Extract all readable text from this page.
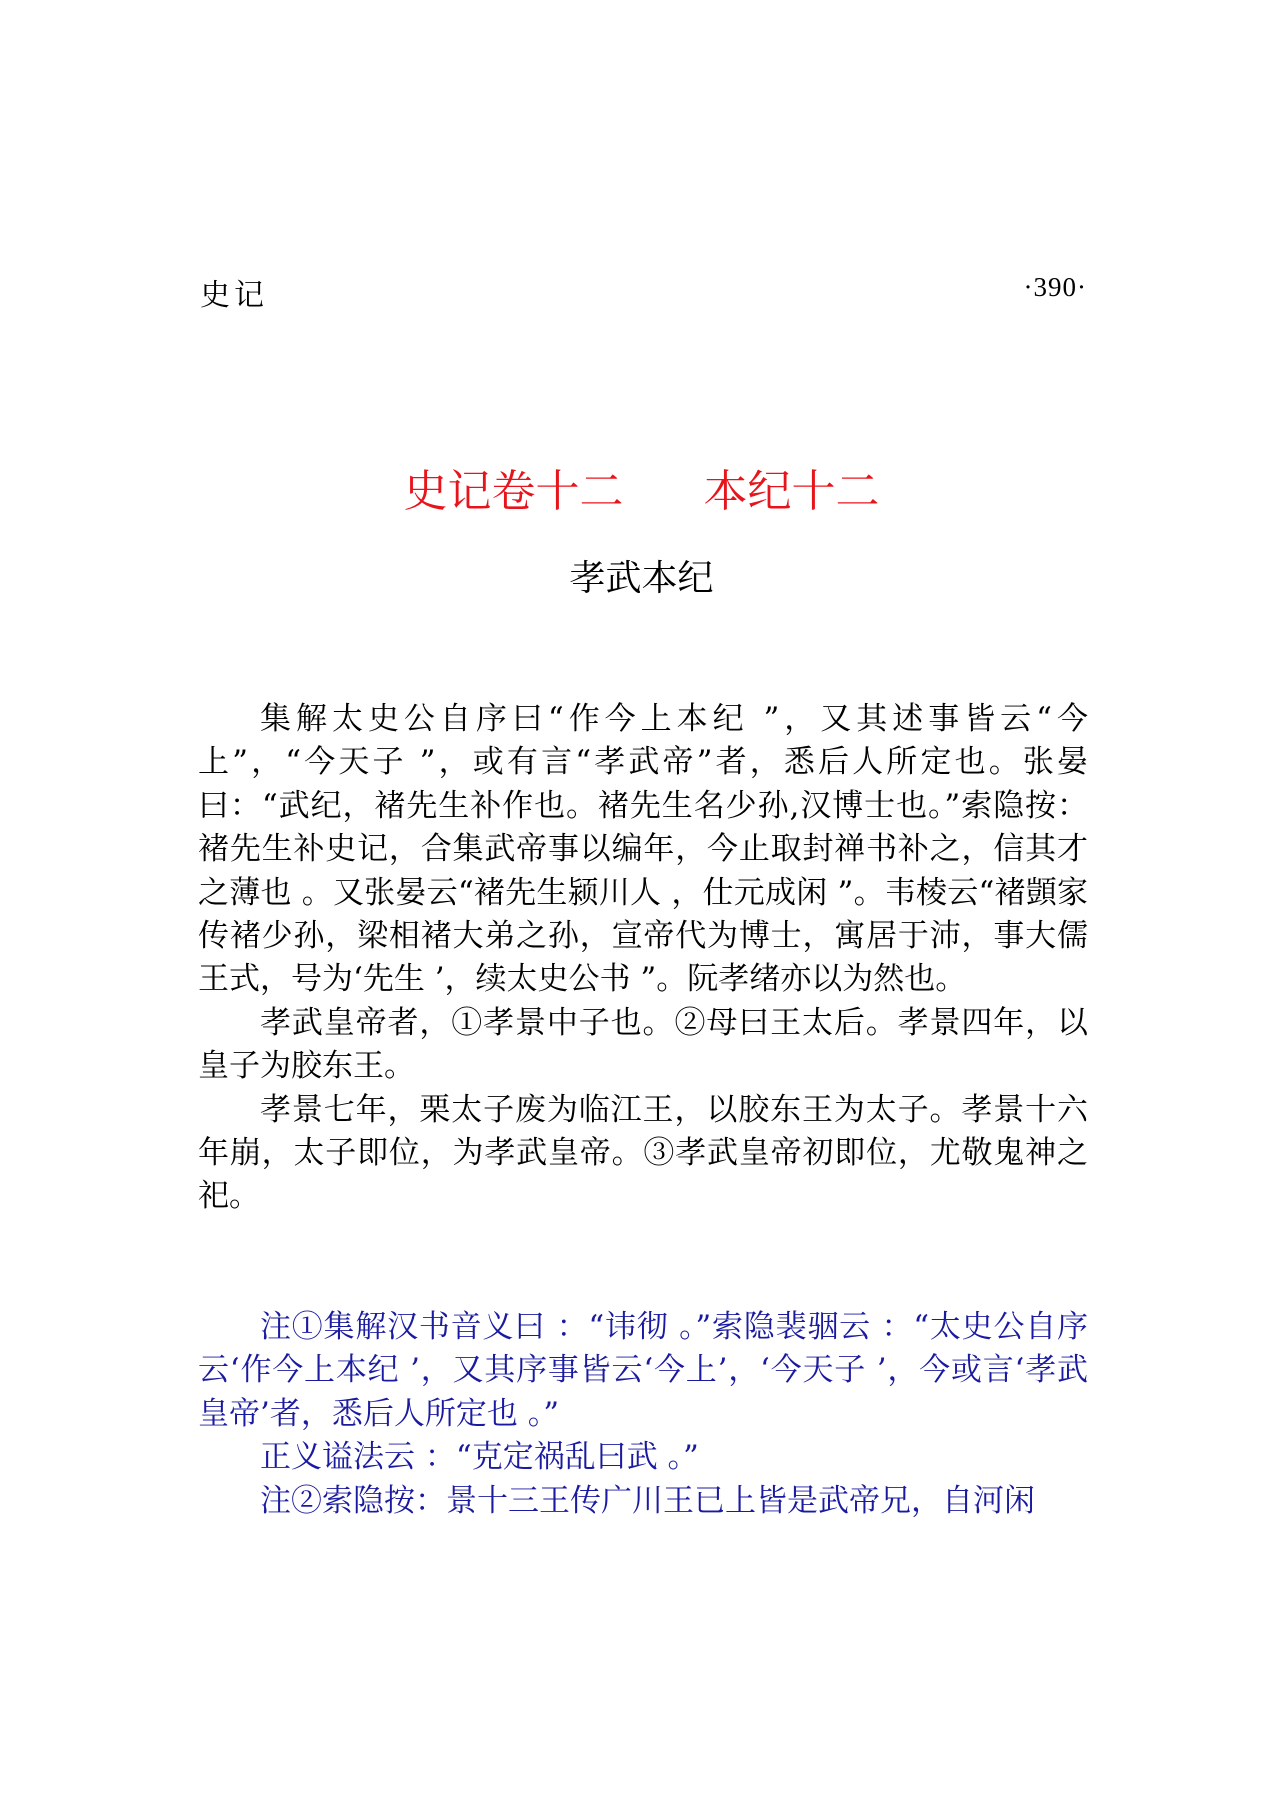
史记	·390·
史记卷十二 本纪十二
孝武本纪

集解太史公自序曰“作今上本纪 ”，又其述事皆云“今上”，“今天子 ”，或有言“孝武帝”者，悉后人所定也。张晏曰：“武纪，褚先生补作也。褚先生名少孙,汉博士也。”索隐按：褚先生补史记，合集武帝事以编年，今止取封禅书补之，信其才之薄也 。又张晏云“褚先生颍川人 ，仕元成闲 ”。韦棱云“褚顗家传褚少孙，梁相褚大弟之孙，宣帝代为博士，寓居于沛，事大儒王式，号为‘先生 ’，续太史公书 ”。阮孝绪亦以为然也。

孝武皇帝者，①孝景中子也。②母曰王太后。孝景四年，以皇子为胶东王。

孝景七年，栗太子废为临江王，以胶东王为太子。孝景十六年崩，太子即位，为孝武皇帝。③孝武皇帝初即位，尤敬鬼神之祀。

注①集解汉书音义曰 ：“讳彻 。”索隐裴骃云 ：“太史公自序云‘作今上本纪 ’，又其序事皆云‘今上’，‘今天子 ’，今或言‘孝武皇帝’者，悉后人所定也 。”

正义谥法云 ：“克定祸乱曰武 。”

注②索隐按：景十三王传广川王已上皆是武帝兄，自河闲
